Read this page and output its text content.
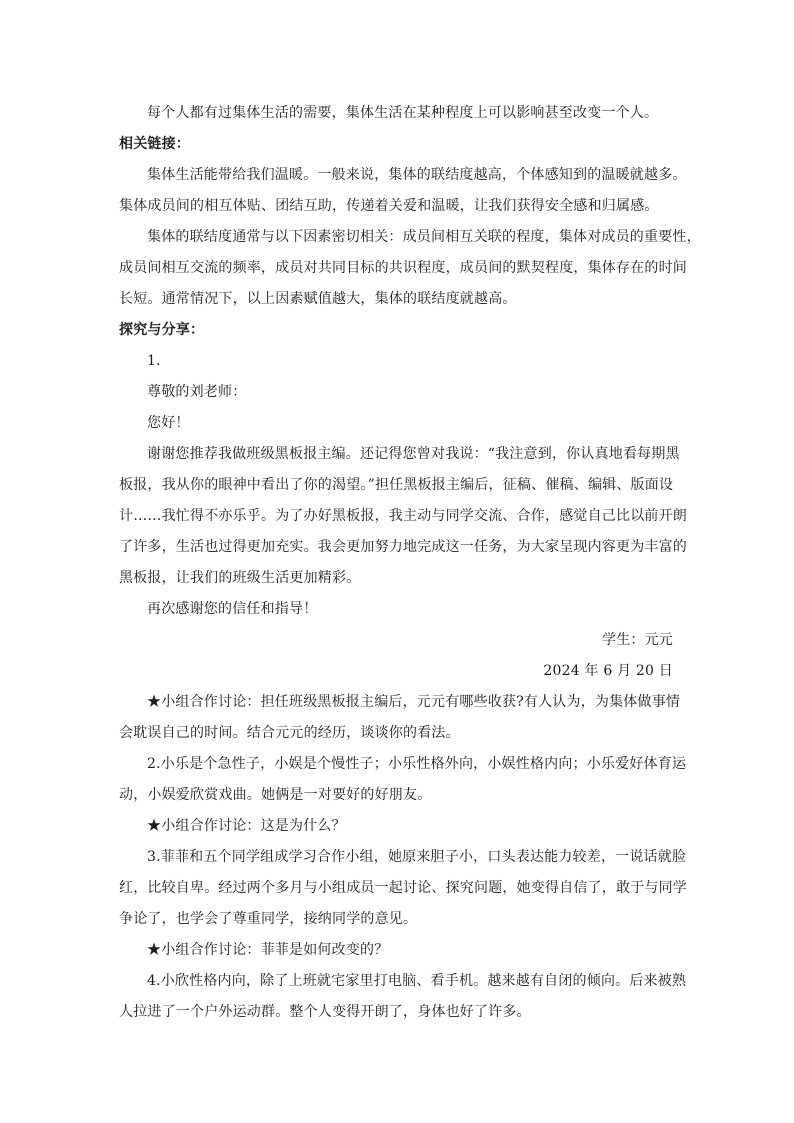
每个人都有过集体生活的需要，集体生活在某种程度上可以影响甚至改变一个人。
相关链接：
集体生活能带给我们温暖。一般来说，集体的联结度越高，个体感知到的温暖就越多。
集体成员间的相互体贴、团结互助，传递着关爱和温暖，让我们获得安全感和归属感。
集体的联结度通常与以下因素密切相关：成员间相互关联的程度，集体对成员的重要性，
成员间相互交流的频率，成员对共同目标的共识程度，成员间的默契程度，集体存在的时间
长短。通常情况下，以上因素赋值越大，集体的联结度就越高。
探究与分享：
1.
尊敬的刘老师：
您好！
谢谢您推荐我做班级黑板报主编。还记得您曾对我说：“我注意到，你认真地看每期黑
板报，我从你的眼神中看出了你的渴望。”担任黑板报主编后，征稿、催稿、编辑、版面设
计……我忙得不亦乐乎。为了办好黑板报，我主动与同学交流、合作，感觉自己比以前开朗
了许多，生活也过得更加充实。我会更加努力地完成这一任务，为大家呈现内容更为丰富的
黑板报，让我们的班级生活更加精彩。
再次感谢您的信任和指导！
学生：元元
2024 年 6 月 20 日
★小组合作讨论：担任班级黑板报主编后，元元有哪些收获?有人认为，为集体做事情
会耽误自己的时间。结合元元的经历，谈谈你的看法。
2.小乐是个急性子，小娱是个慢性子；小乐性格外向，小娱性格内向；小乐爱好体育运
动，小娱爱欣赏戏曲。她俩是一对要好的好朋友。
★小组合作讨论：这是为什么？
3.菲菲和五个同学组成学习合作小组，她原来胆子小，口头表达能力较差，一说话就脸
红，比较自卑。经过两个多月与小组成员一起讨论、探究问题，她变得自信了，敢于与同学
争论了，也学会了尊重同学，接纳同学的意见。
★小组合作讨论：菲菲是如何改变的？
4.小欣性格内向，除了上班就宅家里打电脑、看手机。越来越有自闭的倾向。后来被熟
人拉进了一个户外运动群。整个人变得开朗了，身体也好了许多。
